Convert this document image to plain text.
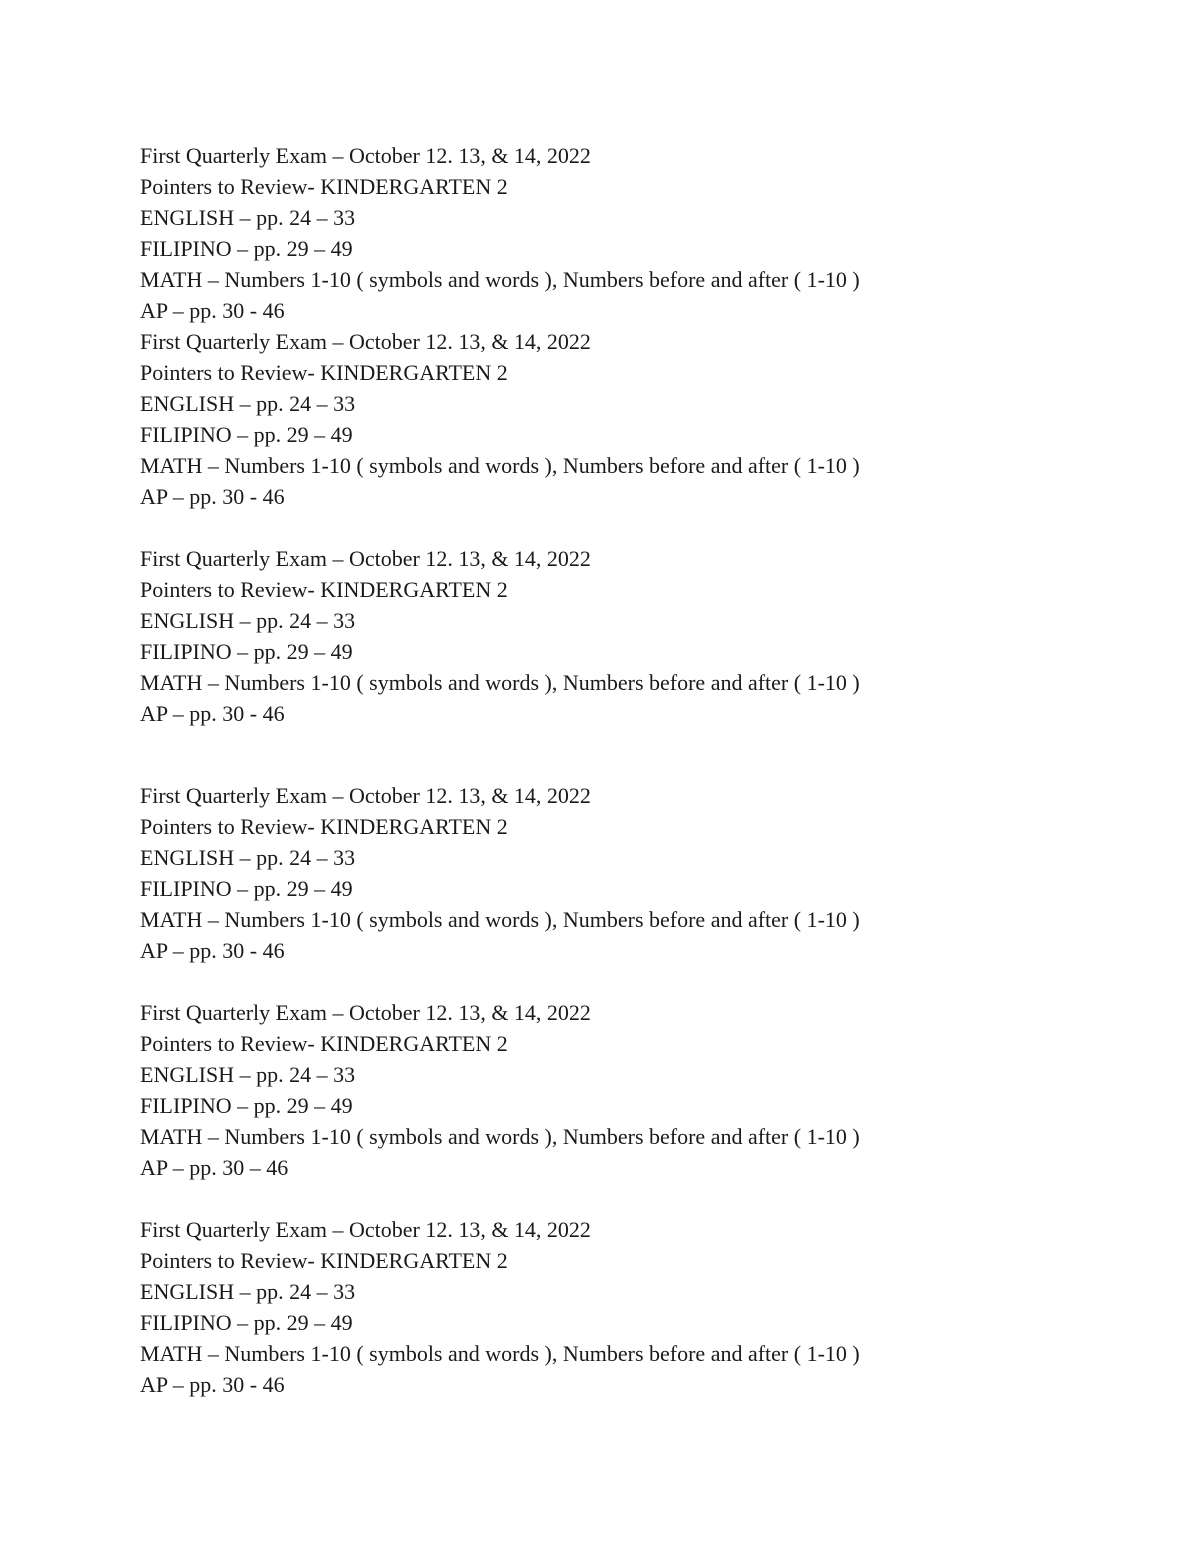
First Quarterly Exam – October 12. 13, & 14, 2022
Pointers to Review- KINDERGARTEN 2
ENGLISH – pp. 24 – 33
FILIPINO – pp. 29 – 49
MATH – Numbers 1-10 ( symbols and words ), Numbers before and after ( 1-10 )
AP – pp. 30 - 46
First Quarterly Exam – October 12. 13, & 14, 2022
Pointers to Review- KINDERGARTEN 2
ENGLISH – pp. 24 – 33
FILIPINO – pp. 29 – 49
MATH – Numbers 1-10 ( symbols and words ), Numbers before and after ( 1-10 )
AP – pp. 30 - 46
First Quarterly Exam – October 12. 13, & 14, 2022
Pointers to Review- KINDERGARTEN 2
ENGLISH – pp. 24 – 33
FILIPINO – pp. 29 – 49
MATH – Numbers 1-10 ( symbols and words ), Numbers before and after ( 1-10 )
AP – pp. 30 - 46
First Quarterly Exam – October 12. 13, & 14, 2022
Pointers to Review- KINDERGARTEN 2
ENGLISH – pp. 24 – 33
FILIPINO – pp. 29 – 49
MATH – Numbers 1-10 ( symbols and words ), Numbers before and after ( 1-10 )
AP – pp. 30 - 46
First Quarterly Exam – October 12. 13, & 14, 2022
Pointers to Review- KINDERGARTEN 2
ENGLISH – pp. 24 – 33
FILIPINO – pp. 29 – 49
MATH – Numbers 1-10 ( symbols and words ), Numbers before and after ( 1-10 )
AP – pp. 30 – 46
First Quarterly Exam – October 12. 13, & 14, 2022
Pointers to Review- KINDERGARTEN 2
ENGLISH – pp. 24 – 33
FILIPINO – pp. 29 – 49
MATH – Numbers 1-10 ( symbols and words ), Numbers before and after ( 1-10 )
AP – pp. 30 - 46
